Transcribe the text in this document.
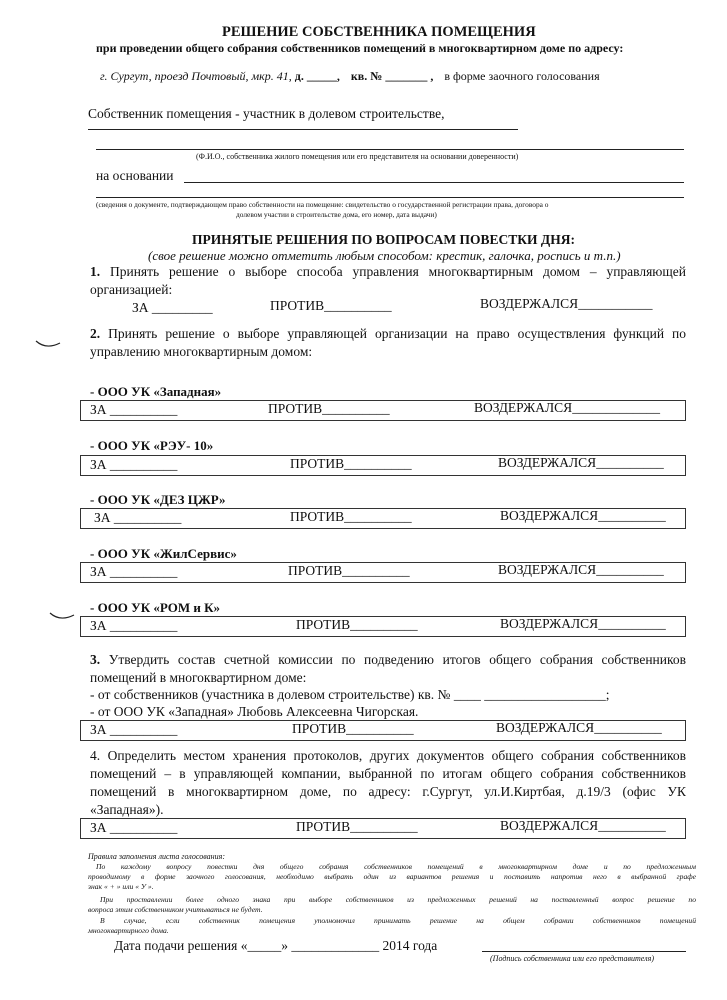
РЕШЕНИЕ СОБСТВЕННИКА ПОМЕЩЕНИЯ
при проведении общего собрания собственников помещений в многоквартирном доме по адресу:
г. Сургут, проезд Почтовый, мкр. 41, д. _____, кв. № _______ , в форме заочного голосования
Собственник помещения - участник в долевом строительстве,
(Ф.И.О., собственника жилого помещения или его представителя на основании доверенности)
на основании
(сведения о документе, подтверждающем право собственности на помещение: свидетельство о государственной регистрации права, договора о
долевом участии в строительстве дома, его номер, дата выдачи)
ПРИНЯТЫЕ РЕШЕНИЯ ПО ВОПРОСАМ ПОВЕСТКИ ДНЯ:
(свое решение можно отметить любым способом: крестик, галочка, роспись и т.п.)
1. Принять решение о выборе способа управления многоквартирным домом – управляющей
организацией:
ЗА _________	ПРОТИВ__________	ВОЗДЕРЖАЛСЯ___________
2. Принять решение о выборе управляющей организации на право осуществления функций по
управлению многоквартирным домом:
- ООО УК «Западная»
ЗА __________	ПРОТИВ__________	ВОЗДЕРЖАЛСЯ_____________
- ООО УК «РЭУ- 10»
ЗА __________	ПРОТИВ__________	ВОЗДЕРЖАЛСЯ__________
- ООО УК «ДЕЗ ЦЖР»
ЗА __________	ПРОТИВ__________	ВОЗДЕРЖАЛСЯ__________
- ООО УК «ЖилСервис»
ЗА __________	ПРОТИВ__________	ВОЗДЕРЖАЛСЯ__________
- ООО УК «РОМ и К»
ЗА __________	ПРОТИВ__________	ВОЗДЕРЖАЛСЯ__________
3. Утвердить состав счетной комиссии по подведению итогов общего собрания собственников
помещений в многоквартирном доме:
- от собственников (участника в долевом строительстве) кв. № ____ __________________;
- от ООО УК «Западная» Любовь Алексеевна Чигорская.
ЗА __________	ПРОТИВ__________	ВОЗДЕРЖАЛСЯ__________
4. Определить местом хранения протоколов, других документов общего собрания собственников
помещений – в управляющей компании, выбранной по итогам общего собрания собственников
помещений в многоквартирном доме, по адресу: г.Сургут, ул.И.Киртбая, д.19/3 (офис УК
«Западная»).
ЗА __________	ПРОТИВ__________	ВОЗДЕРЖАЛСЯ__________
Правила заполнения листа голосования:
По каждому вопросу повестки дня общего собрания собственников помещений в многоквартирном доме и по предложенным
проводимому в форме заочного голосования, необходимо выбрать один из вариантов решения и поставить напротив него в выбранной графе
знак « + » или « У ».
При проставлении более одного знака при выборе собственников из предложенных решений на поставленный вопрос решение по
вопроса этим собственником учитываться не будет.
В случае, если собственник помещения уполномочил принимать решение на общем собрании собственников помещений
многоквартирного дома.
Дата подачи решения «_____» _____________ 2014 года
(Подпись собственника или его представителя)
